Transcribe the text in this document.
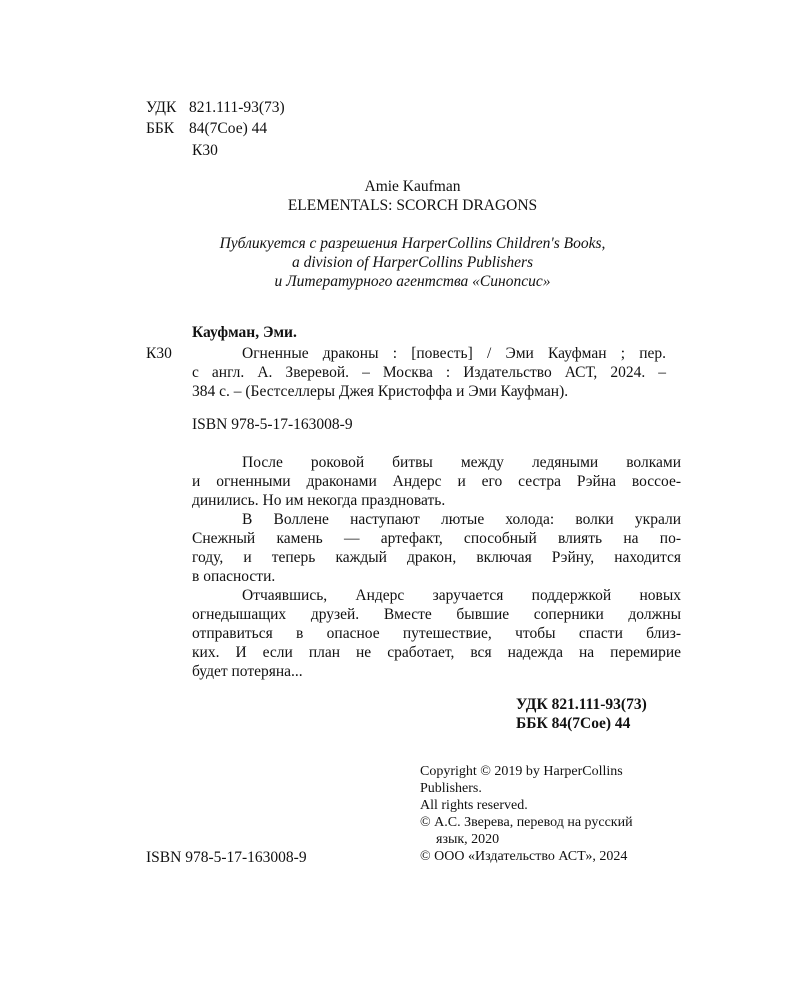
УДК 821.111-93(73)
ББК 84(7Сое) 44
К30
Amie Kaufman
ELEMENTALS: SCORCH DRAGONS
Публикуется с разрешения HarperCollins Children's Books,
a division of HarperCollins Publishers
и Литературного агентства «Синопсис»
Кауфман, Эми.
К30	Огненные драконы : [повесть] / Эми Кауфман ; пер.
с англ. А. Зверевой. – Москва : Издательство АСТ, 2024. –
384 с. – (Бестселлеры Джея Кристоффа и Эми Кауфман).
ISBN 978-5-17-163008-9
После роковой битвы между ледяными волками
и огненными драконами Андерс и его сестра Рэйна воссое-
динились. Но им некогда праздновать.
В Воллене наступают лютые холода: волки украли
Снежный камень — артефакт, способный влиять на по-
году, и теперь каждый дракон, включая Рэйну, находится
в опасности.
Отчаявшись, Андерс заручается поддержкой новых
огнедышащих друзей. Вместе бывшие соперники должны
отправиться в опасное путешествие, чтобы спасти близ-
ких. И если план не сработает, вся надежда на перемирие
будет потеряна...
УДК 821.111-93(73)
ББК 84(7Сое) 44
Copyright © 2019 by HarperCollins
Publishers.
All rights reserved.
© А.С. Зверева, перевод на русский
язык, 2020
© ООО «Издательство АСТ», 2024
ISBN 978-5-17-163008-9
